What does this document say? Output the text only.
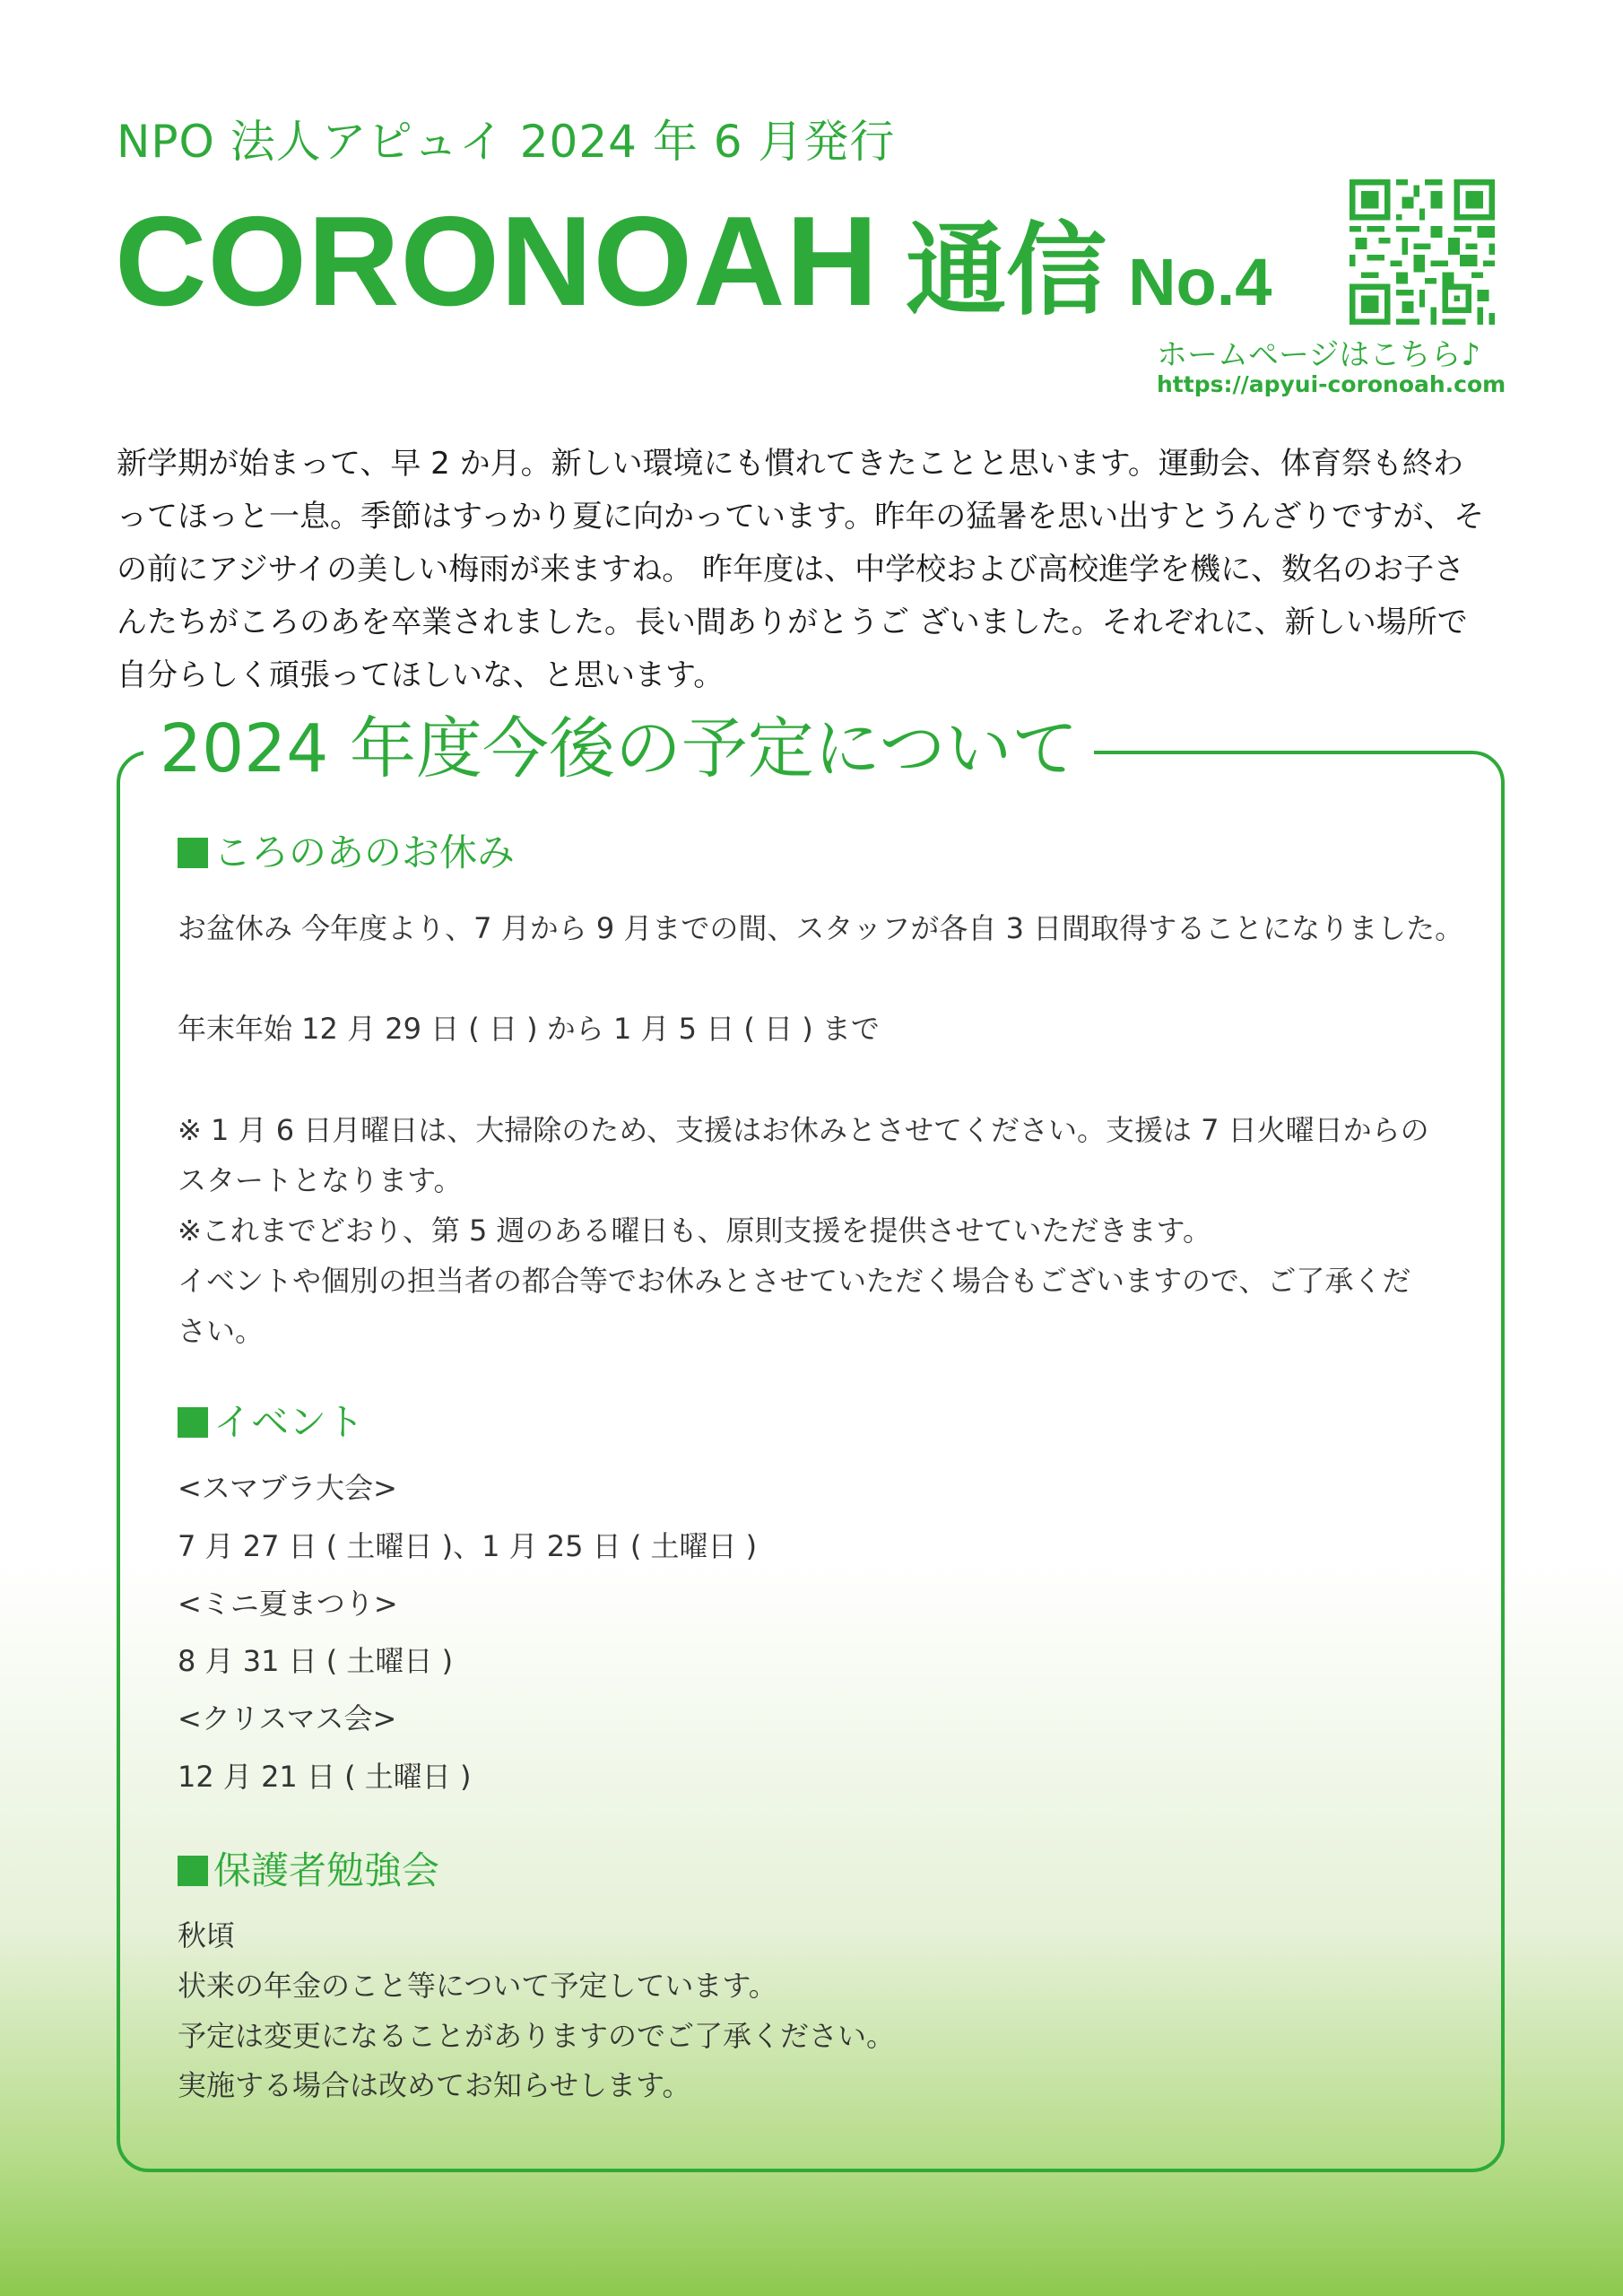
NPO 法人アピュイ 2024 年 6 月発行
CORONOAH 通信 No.4
ホームページはこちら♪
https://apyui-coronoah.com
新学期が始まって、早 2 か月。新しい環境にも慣れてきたことと思います。運動会、体育祭も終わ
ってほっと一息。季節はすっかり夏に向かっています。昨年の猛暑を思い出すとうんざりですが、そ
の前にアジサイの美しい梅雨が来ますね。 昨年度は、中学校および高校進学を機に、数名のお子さ
んたちがころのあを卒業されました。長い間ありがとうご ざいました。それぞれに、新しい場所で
自分らしく頑張ってほしいな、と思います。
2024 年度今後の予定について
ころのあのお休み
お盆休み 今年度より、7 月から 9 月までの間、スタッフが各自 3 日間取得することになりました。
年末年始 12 月 29 日 ( 日 ) から 1 月 5 日 ( 日 ) まで
※ 1 月 6 日月曜日は、大掃除のため、支援はお休みとさせてください。支援は 7 日火曜日からの
スタートとなります。
※これまでどおり、第 5 週のある曜日も、原則支援を提供させていただきます。
イベントや個別の担当者の都合等でお休みとさせていただく場合もございますので、ご了承くだ
さい。
イベント
<スマブラ大会>
7 月 27 日 ( 土曜日 )、1 月 25 日 ( 土曜日 )
<ミニ夏まつり>
8 月 31 日 ( 土曜日 )
<クリスマス会>
12 月 21 日 ( 土曜日 )
保護者勉強会
秋頃
状来の年金のこと等について予定しています。
予定は変更になることがありますのでご了承ください。
実施する場合は改めてお知らせします。
